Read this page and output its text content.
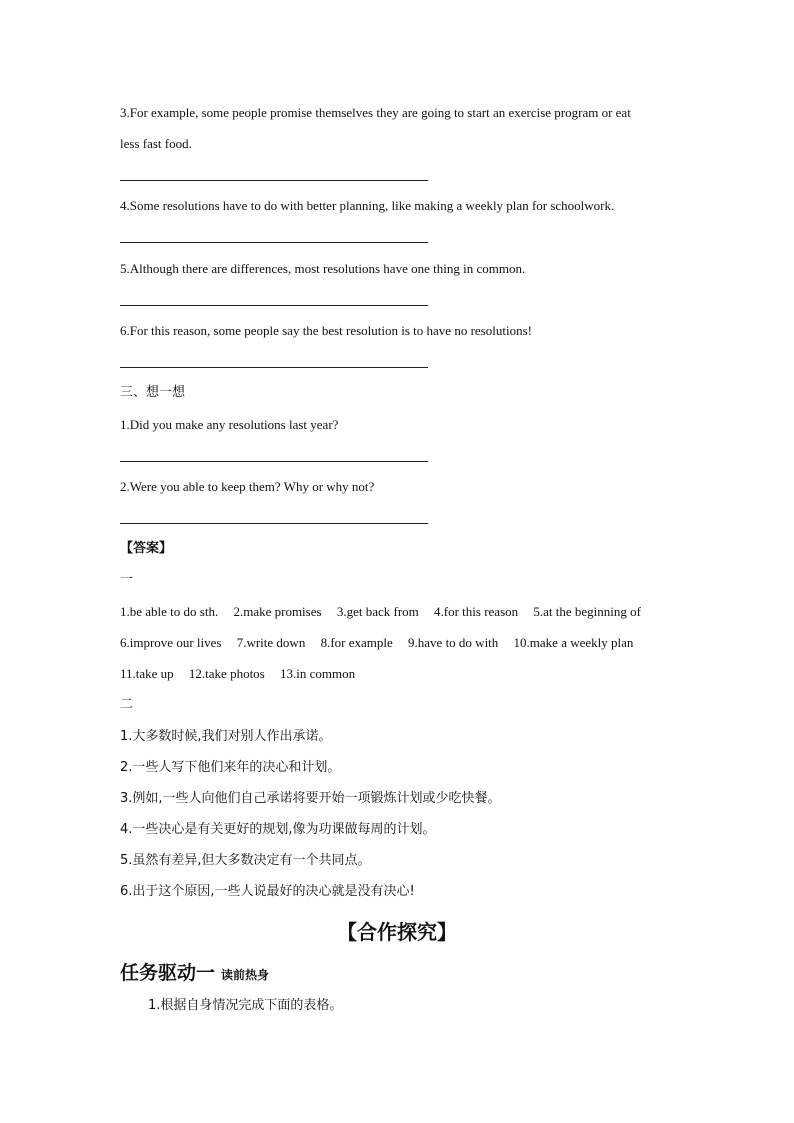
3.For example, some people promise themselves they are going to start an exercise program or eat
less fast food.
4.Some resolutions have to do with better planning, like making a weekly plan for schoolwork.
5.Although there are differences, most resolutions have one thing in common.
6.For this reason, some people say the best resolution is to have no resolutions!
三、想一想
1.Did you make any resolutions last year?
2.Were you able to keep them? Why or why not?
【答案】
一
1.be able to do sth. 2.make promises 3.get back from 4.for this reason 5.at the beginning of
6.improve our lives 7.write down 8.for example 9.have to do with 10.make a weekly plan
11.take up 12.take photos 13.in common
二
1.大多数时候,我们对别人作出承诺。
2.一些人写下他们来年的决心和计划。
3.例如,一些人向他们自己承诺将要开始一项锻炼计划或少吃快餐。
4.一些决心是有关更好的规划,像为功课做每周的计划。
5.虽然有差异,但大多数决定有一个共同点。
6.出于这个原因,一些人说最好的决心就是没有决心!
【合作探究】
任务驱动一 读前热身
1.根据自身情况完成下面的表格。
